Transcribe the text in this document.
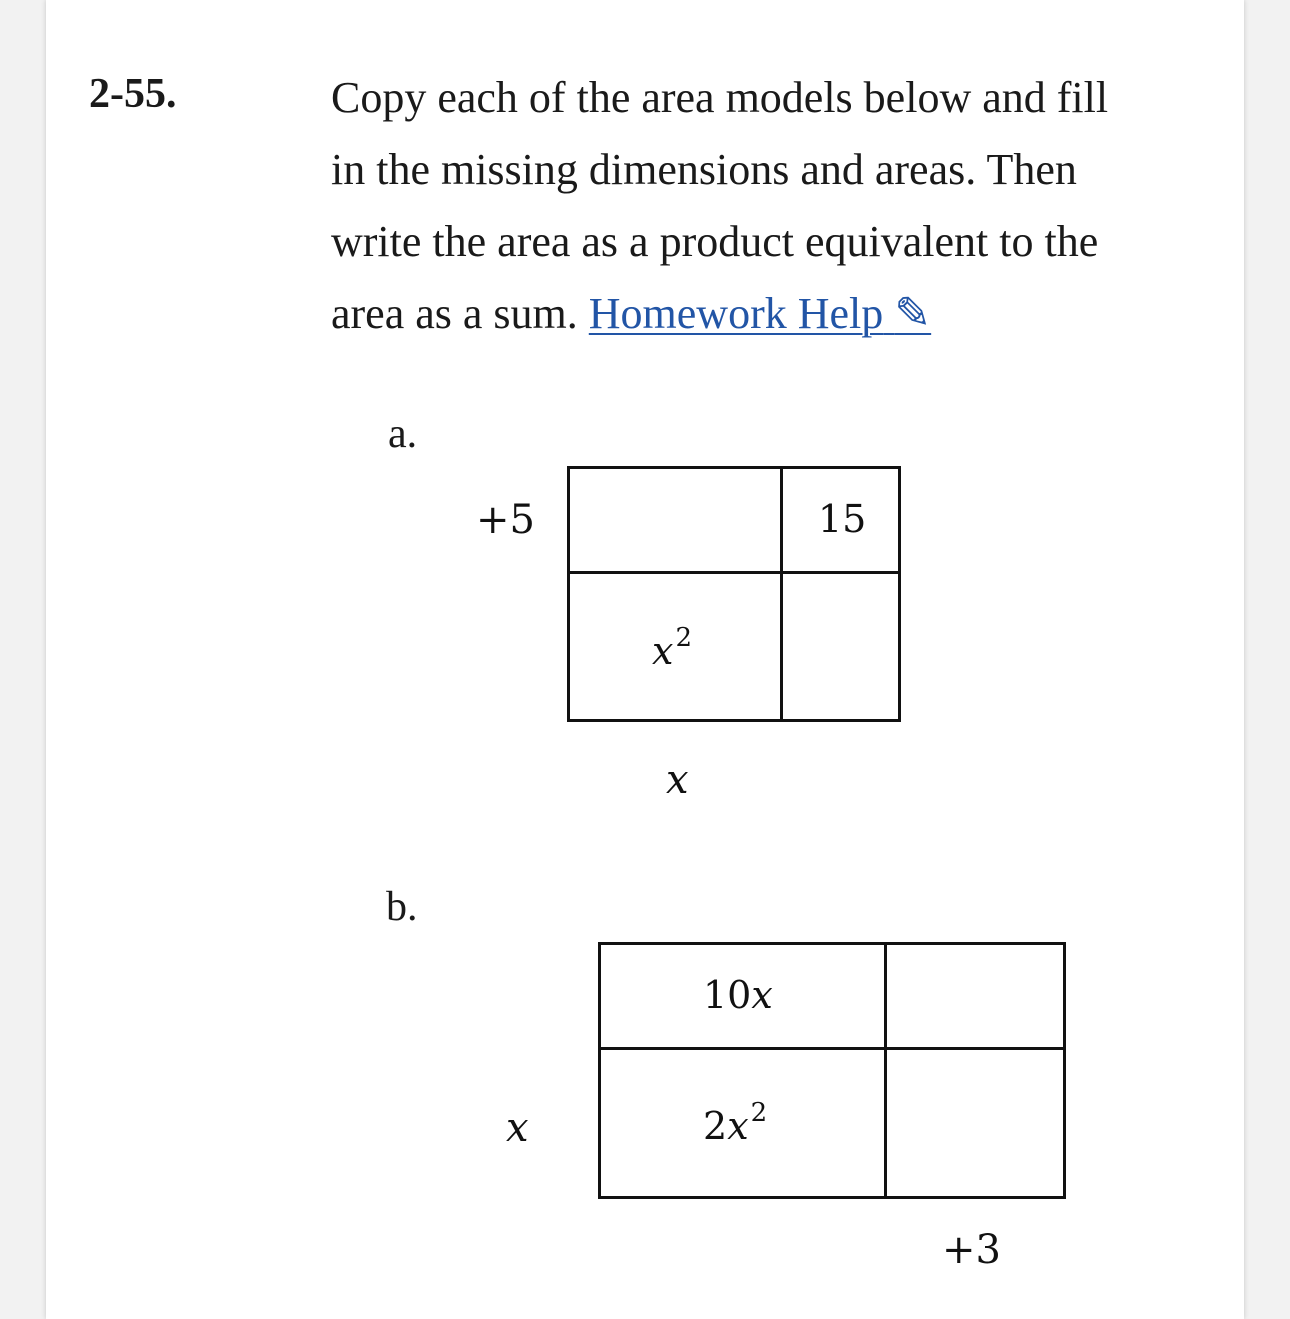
2-55.	Copy each of the area models below and fill
in the missing dimensions and areas. Then
write the area as a product equivalent to the
area as a sum. Homework Help ✎
a.
+5	15
$x^2$
x
b.
10x
$2x^2$
x
+3
